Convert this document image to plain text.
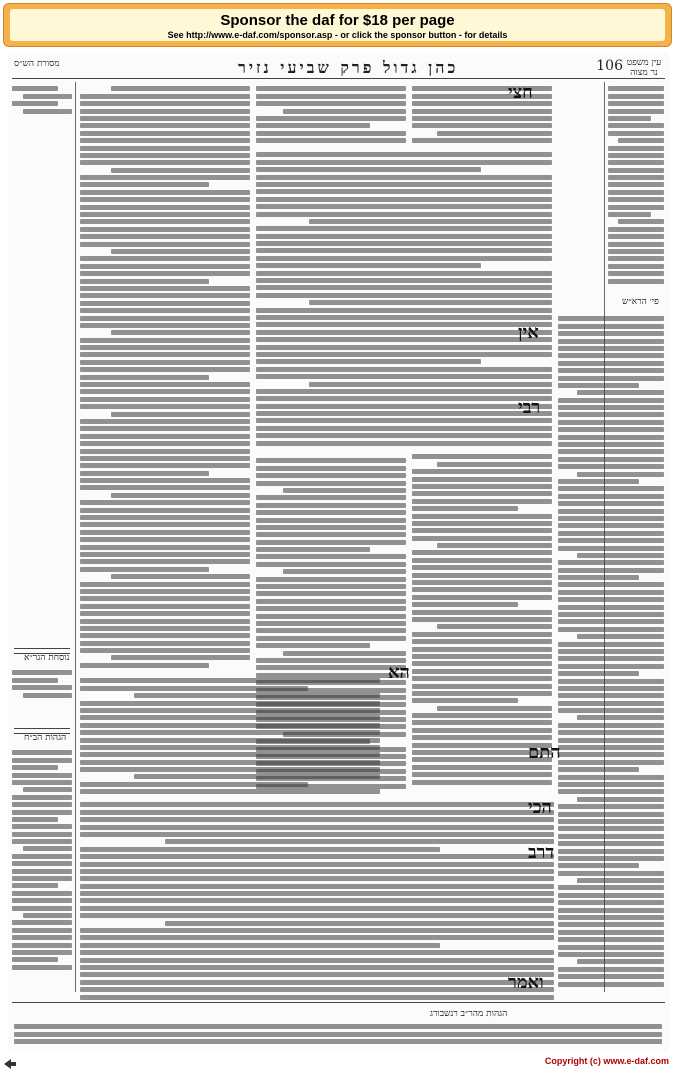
Sponsor the daf for $18 per page
See http://www.e-daf.com/sponsor.asp - or click the sponsor button - for details
106
כהן גדול פרק שביעי נזיר
מסורת הש״ס	עין משפט נר מצוה
נוסחת הגר״א
הגהות הב״ח
חצי
אין
רבי
הא
פי׳ הרא״ש
התם
הכי
דרב
ואמר
הגהות מהר״ב רנשבורג
Copyright (c) www.e-daf.com
